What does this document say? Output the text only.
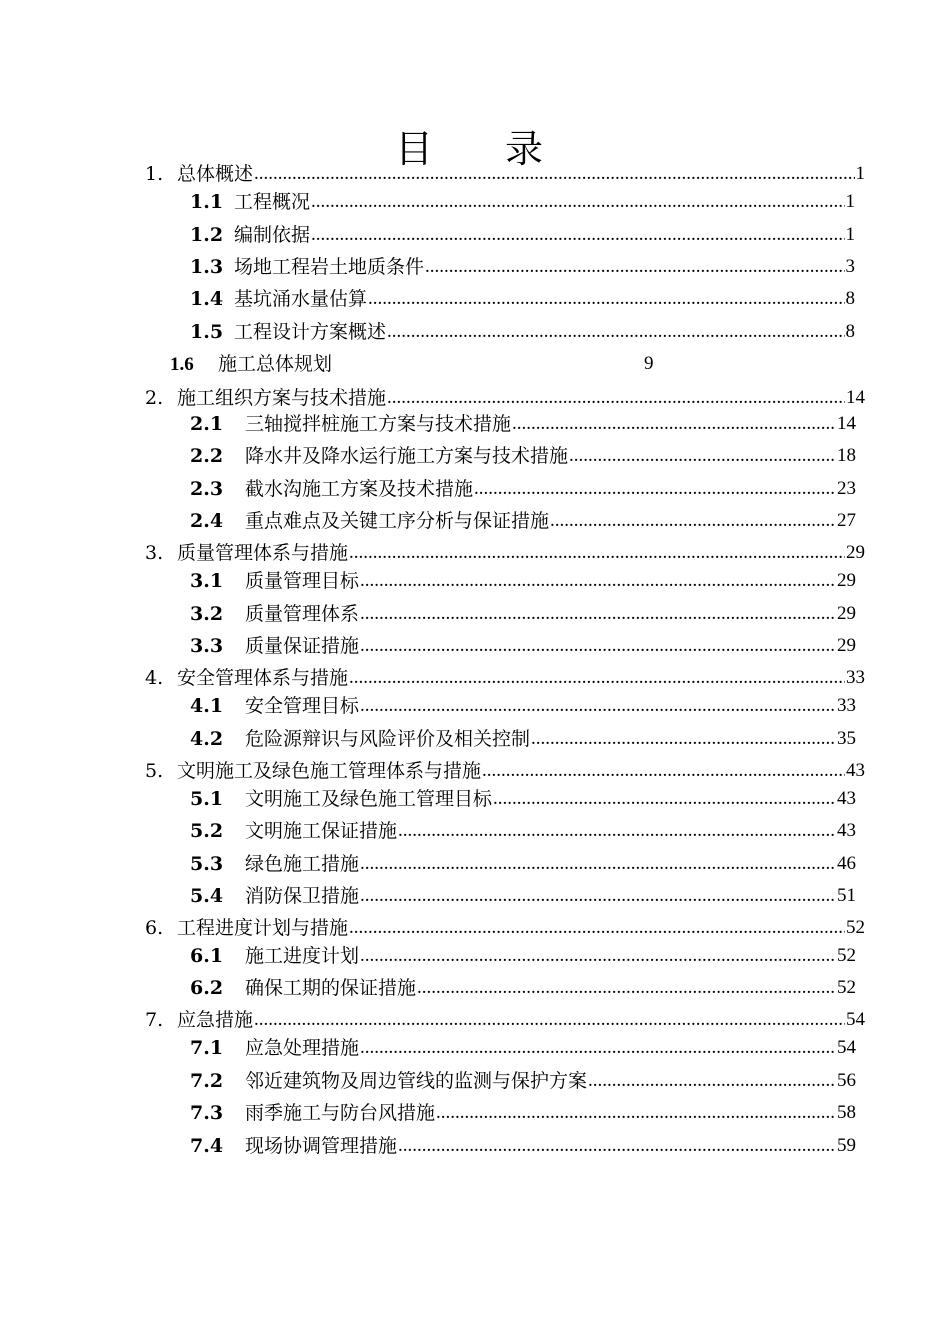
目 录
1. 总体概述 .....	1
1.1 工程概况 .....	1
1.2 编制依据 .....	1
1.3 场地工程岩土地质条件 .....	3
1.4 基坑涌水量估算 .....	8
1.5 工程设计方案概述 .....	8
1.6 施工总体规划	9
2. 施工组织方案与技术措施 .....	14
2.1	三轴搅拌桩施工方案与技术措施 .....	14
2.2	降水井及降水运行施工方案与技术措施 .....	18
2.3	截水沟施工方案及技术措施 .....	23
2.4	重点难点及关键工序分析与保证措施 .....	27
3. 质量管理体系与措施 .....	29
3.1	质量管理目标 .....	29
3.2	质量管理体系 .....	29
3.3	质量保证措施 .....	29
4. 安全管理体系与措施 .....	33
4.1	安全管理目标 .....	33
4.2	危险源辩识与风险评价及相关控制 .....	35
5. 文明施工及绿色施工管理体系与措施 .....	43
5.1	文明施工及绿色施工管理目标 .....	43
5.2	文明施工保证措施 .....	43
5.3	绿色施工措施 .....	46
5.4	消防保卫措施 .....	51
6. 工程进度计划与措施 .....	52
6.1	施工进度计划 .....	52
6.2	确保工期的保证措施 .....	52
7. 应急措施 .....	54
7.1	应急处理措施 .....	54
7.2	邻近建筑物及周边管线的监测与保护方案 .....	56
7.3	雨季施工与防台风措施 .....	58
7.4	现场协调管理措施 .....	59
